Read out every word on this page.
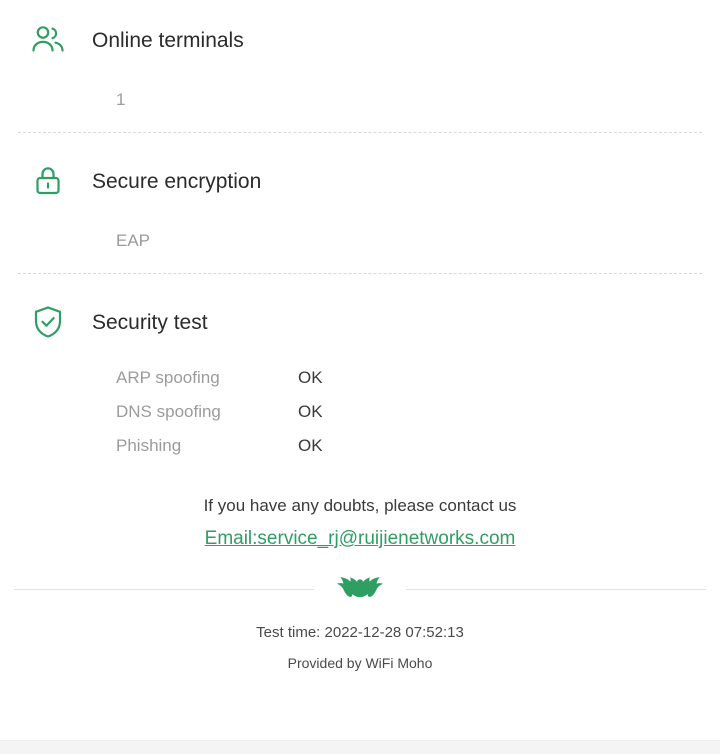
Online terminals
1
Secure encryption
EAP
Security test
ARP spoofing	OK
DNS spoofing	OK
Phishing	OK
If you have any doubts, please contact us
Email:service_rj@ruijienetworks.com
Test time: 2022-12-28 07:52:13
Provided by WiFi Moho
